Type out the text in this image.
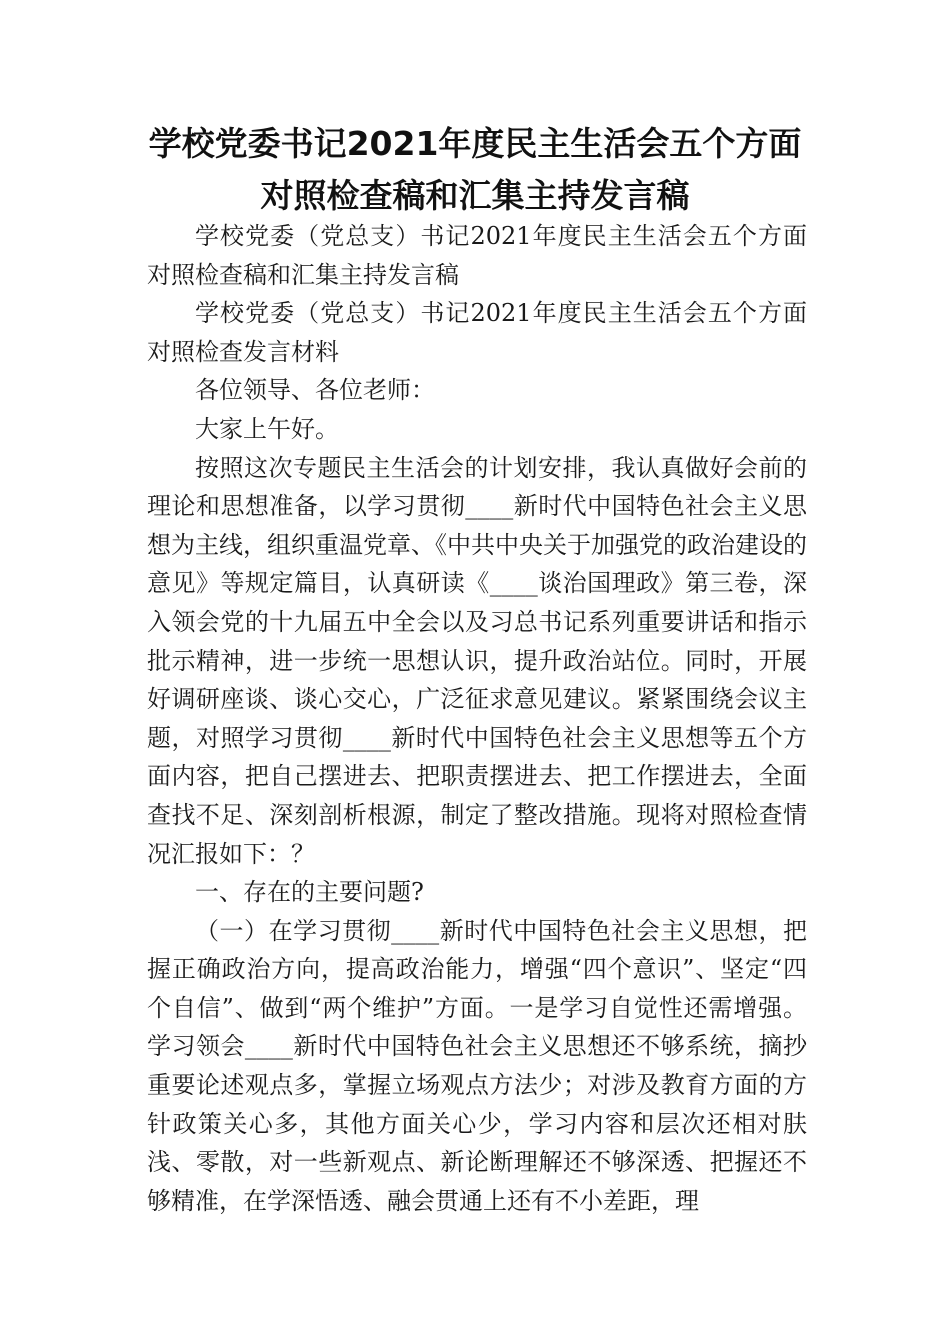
学校党委书记2021年度民主生活会五个方面
对照检查稿和汇集主持发言稿

学校党委（党总支）书记2021年度民主生活会五个方面对照检查稿和汇集主持发言稿

学校党委（党总支）书记2021年度民主生活会五个方面对照检查发言材料

各位领导、各位老师：

大家上午好。

按照这次专题民主生活会的计划安排，我认真做好会前的理论和思想准备，以学习贯彻____新时代中国特色社会主义思想为主线，组织重温党章、《中共中央关于加强党的政治建设的意见》等规定篇目，认真研读《____谈治国理政》第三卷，深入领会党的十九届五中全会以及习总书记系列重要讲话和指示批示精神，进一步统一思想认识，提升政治站位。同时，开展好调研座谈、谈心交心，广泛征求意见建议。紧紧围绕会议主题，对照学习贯彻____新时代中国特色社会主义思想等五个方面内容，把自己摆进去、把职责摆进去、把工作摆进去，全面查找不足、深刻剖析根源，制定了整改措施。现将对照检查情况汇报如下：？

一、存在的主要问题?

（一）在学习贯彻____新时代中国特色社会主义思想，把握正确政治方向，提高政治能力，增强“四个意识”、坚定“四个自信”、做到“两个维护”方面。一是学习自觉性还需增强。学习领会____新时代中国特色社会主义思想还不够系统，摘抄重要论述观点多，掌握立场观点方法少；对涉及教育方面的方针政策关心多，其他方面关心少，学习内容和层次还相对肤浅、零散，对一些新观点、新论断理解还不够深透、把握还不够精准，在学深悟透、融会贯通上还有不小差距，理
